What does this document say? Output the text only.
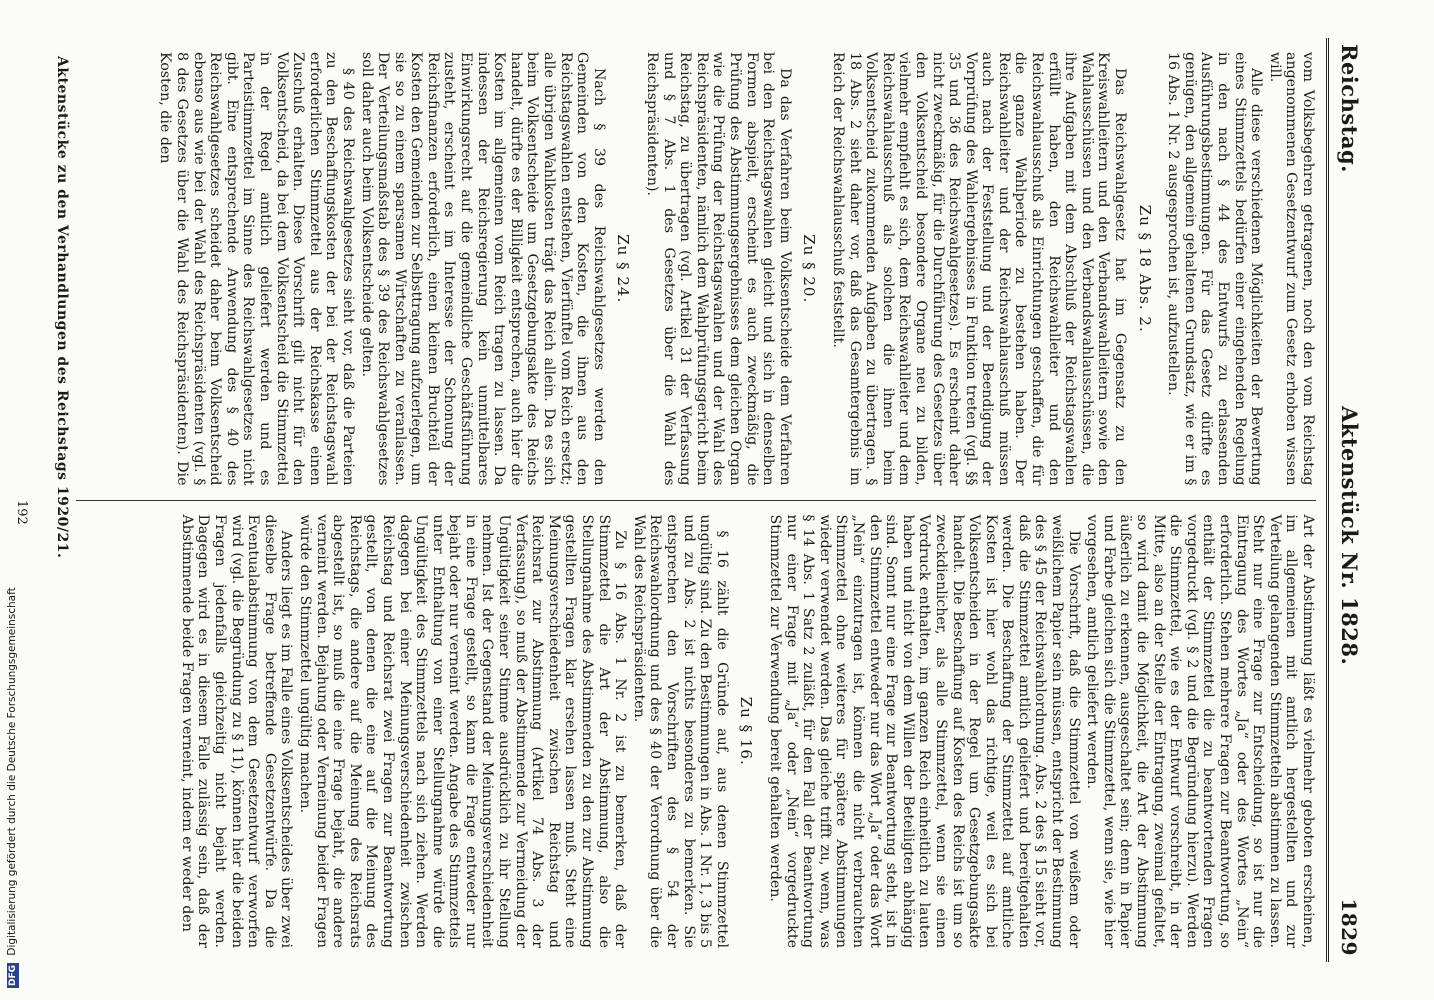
Reichstag.
Aktenstück Nr. 1828.
1829

vom Volksbegehren getragenen, noch den vom Reichstag angenommenen Gesetzentwurf zum Gesetz erhoben wissen will.

Alle diese verschiedenen Möglichkeiten der Bewertung eines Stimmzettels bedürfen einer eingehenden Regelung in den nach § 44 des Entwurfs zu erlassenden Ausführungsbestimmungen. Für das Gesetz dürfte es genügen, den allgemein gehaltenen Grundsatz, wie er im § 16 Abs. 1 Nr. 2 ausgesprochen ist, aufzustellen.

Zu § 18 Abs. 2.

Das Reichswahlgesetz hat im Gegensatz zu den Kreiswahlleitern und den Verbandswahlleitern sowie den Wahlausschüssen und den Verbandswahlausschüssen, die ihre Aufgaben mit dem Abschluß der Reichstagswahlen erfüllt haben, den Reichswahlleiter und den Reichswahlausschuß als Einrichtungen geschaffen, die für die ganze Wahlperiode zu bestehen haben. Der Reichswahlleiter und der Reichswahlausschuß müssen auch nach der Feststellung und der Beendigung der Vorprüfung des Wahlergebnisses in Funktion treten (vgl. §§ 35 und 36 des Reichswahlgesetzes). Es erscheint daher nicht zweckmäßig, für die Durchführung des Gesetzes über den Volksentscheid besondere Organe neu zu bilden, vielmehr empfiehlt es sich, dem Reichswahlleiter und dem Reichswahlausschuß als solchen die ihnen beim Volksentscheid zukommenden Aufgaben zu übertragen. § 18 Abs. 2 sieht daher vor, daß das Gesamtergebnis im Reich der Reichswahlausschuß feststellt.

Zu § 20.

Da das Verfahren beim Volksentscheide dem Verfahren bei den Reichstagswahlen gleicht und sich in denselben Formen abspielt, erscheint es auch zweckmäßig, die Prüfung des Abstimmungsergebnisses dem gleichen Organ wie die Prüfung der Reichstagswahlen und der Wahl des Reichspräsidenten, nämlich dem Wahlprüfungsgericht beim Reichstag, zu übertragen (vgl. Artikel 31 der Verfassung und § 7 Abs. 1 des Gesetzes über die Wahl des Reichspräsidenten).

Zu § 24.

Nach § 39 des Reichswahlgesetzes werden den Gemeinden von den Kosten, die ihnen aus den Reichstagswahlen entstehen, Vierfünftel vom Reich ersetzt; alle übrigen Wahlkosten trägt das Reich allein. Da es sich beim Volksentscheide um Gesetzgebungsakte des Reichs handelt, dürfte es der Billigkeit entsprechen, auch hier die Kosten im allgemeinen vom Reich tragen zu lassen. Da indessen der Reichsregierung kein unmittelbares Einwirkungsrecht auf die gemeindliche Geschäftsführung zusteht, erscheint es im Interesse der Schonung der Reichsfinanzen erforderlich, einen kleinen Bruchteil der Kosten den Gemeinden zur Selbsttragung aufzuerlegen, um sie so zu einem sparsamen Wirtschaften zu veranlassen. Der Verteilungsmaßstab des § 39 des Reichswahlgesetzes soll daher auch beim Volksentscheide gelten.

§ 40 des Reichswahlgesetzes sieht vor, daß die Parteien zu den Beschaffungskosten der bei der Reichstagswahl erforderlichen Stimmzettel aus der Reichskasse einen Zuschuß erhalten. Diese Vorschrift gilt nicht für den Volksentscheid, da bei dem Volksentscheid die Stimmzettel in der Regel amtlich geliefert werden und es Parteistimmzettel im Sinne des Reichswahlgesetzes nicht gibt. Eine entsprechende Anwendung des § 40 des Reichswahlgesetzes scheidet daher beim Volksentscheid ebenso aus wie bei der Wahl des Reichspräsidenten (vgl. § 8 des Gesetzes über die Wahl des Reichspräsidenten). Die Kosten, die den

Art der Abstimmung läßt es vielmehr geboten erscheinen, im allgemeinen mit amtlich hergestellten und zur Verteilung gelangenden Stimmzetteln abstimmen zu lassen. Steht nur eine Frage zur Entscheidung, so ist nur die Eintragung des Wortes „Ja“ oder des Wortes „Nein“ erforderlich. Stehen mehrere Fragen zur Beantwortung, so enthält der Stimmzettel die zu beantwortenden Fragen vorgedruckt (vgl. § 2 und die Begründung hierzu). Werden die Stimmzettel, wie es der Entwurf vorschreibt, in der Mitte, also an der Stelle der Eintragung, zweimal gefaltet, so wird damit die Möglichkeit, die Art der Abstimmung äußerlich zu erkennen, ausgeschaltet sein; denn in Papier und Farbe gleichen sich die Stimmzettel, wenn sie, wie hier vorgesehen, amtlich geliefert werden.

Die Vorschrift, daß die Stimmzettel von weißem oder weißlichem Papier sein müssen, entspricht der Bestimmung des § 45 der Reichswahlordnung. Abs. 2 des § 15 sieht vor, daß die Stimmzettel amtlich geliefert und bereitgehalten werden. Die Beschaffung der Stimmzettel auf amtliche Kosten ist hier wohl das richtige, weil es sich bei Volksentscheiden in der Regel um Gesetzgebungsakte handelt. Die Beschaffung auf Kosten des Reichs ist um so zweckdienlicher, als alle Stimmzettel, wenn sie einen Vordruck enthalten, im ganzen Reich einheitlich zu lauten haben und nicht von dem Willen der Beteiligten abhängig sind. Sonnt nur eine Frage zur Beantwortung steht, ist in den Stimmzettel entweder nur das Wort „Ja“ oder das Wort „Nein“ einzutragen ist, können die nicht verbrauchten Stimmzettel ohne weiteres für spätere Abstimmungen wieder verwendet werden. Das gleiche trifft zu, wenn, was § 14 Abs. 1 Satz 2 zuläßt, für den Fall der Beantwortung nur einer Frage mit „Ja“ oder „Nein“ vorgedruckte Stimmzettel zur Verwendung bereit gehalten werden.

Zu § 16.

§ 16 zählt die Gründe auf, aus denen Stimmzettel ungültig sind. Zu den Bestimmungen in Abs. 1 Nr. 1, 3 bis 5 und zu Abs. 2 ist nichts besonderes zu bemerken. Sie entsprechen den Vorschriften des § 54 der Reichswahlordnung und des § 40 der Verordnung über die Wahl des Reichspräsidenten.

Zu § 16 Abs. 1 Nr. 2 ist zu bemerken, daß der Stimmzettel die Art der Abstimmung, also die Stellungnahme des Abstimmenden zu den zur Abstimmung gestellten Fragen klar ersehen lassen muß. Steht eine Meinungsverschiedenheit zwischen Reichstag und Reichsrat zur Abstimmung (Artikel 74 Abs. 3 der Verfassung), so muß der Abstimmende zur Vermeidung der Ungültigkeit seiner Stimme ausdrücklich zu ihr Stellung nehmen. Ist der Gegenstand der Meinungsverschiedenheit in eine Frage gestellt, so kann die Frage entweder nur bejaht oder nur verneint werden. Angabe des Stimmzettels unter Enthaltung von einer Stellungnahme würde die Ungültigkeit des Stimmzettels nach sich ziehen. Werden dagegen bei einer Meinungsverschiedenheit zwischen Reichstag und Reichsrat zwei Fragen zur Beantwortung gestellt, von denen die eine auf die Meinung des Reichstags, die andere auf die Meinung des Reichsrats abgestellt ist, so muß die eine Frage bejaht, die andere verneint werden. Bejahung oder Verneinung beider Fragen würde den Stimmzettel ungültig machen.

Anders liegt es im Falle eines Volksentscheides über zwei dieselbe Frage betreffende Gesetzentwürfe. Da die Eventualabstimmung von dem Gesetzentwurf verworfen wird (vgl. die Begründung zu § 11), können hier die beiden Fragen jedenfalls gleichzeitig nicht bejaht werden. Dagegen wird es in diesem Falle zulässig sein, daß der Abstimmende beide Fragen verneint, indem er weder den

Aktenstücke zu den Verhandlungen des Reichstags 1920/21.
192
DFG Digitalisierung gefördert durch die Deutsche Forschungsgemeinschaft
